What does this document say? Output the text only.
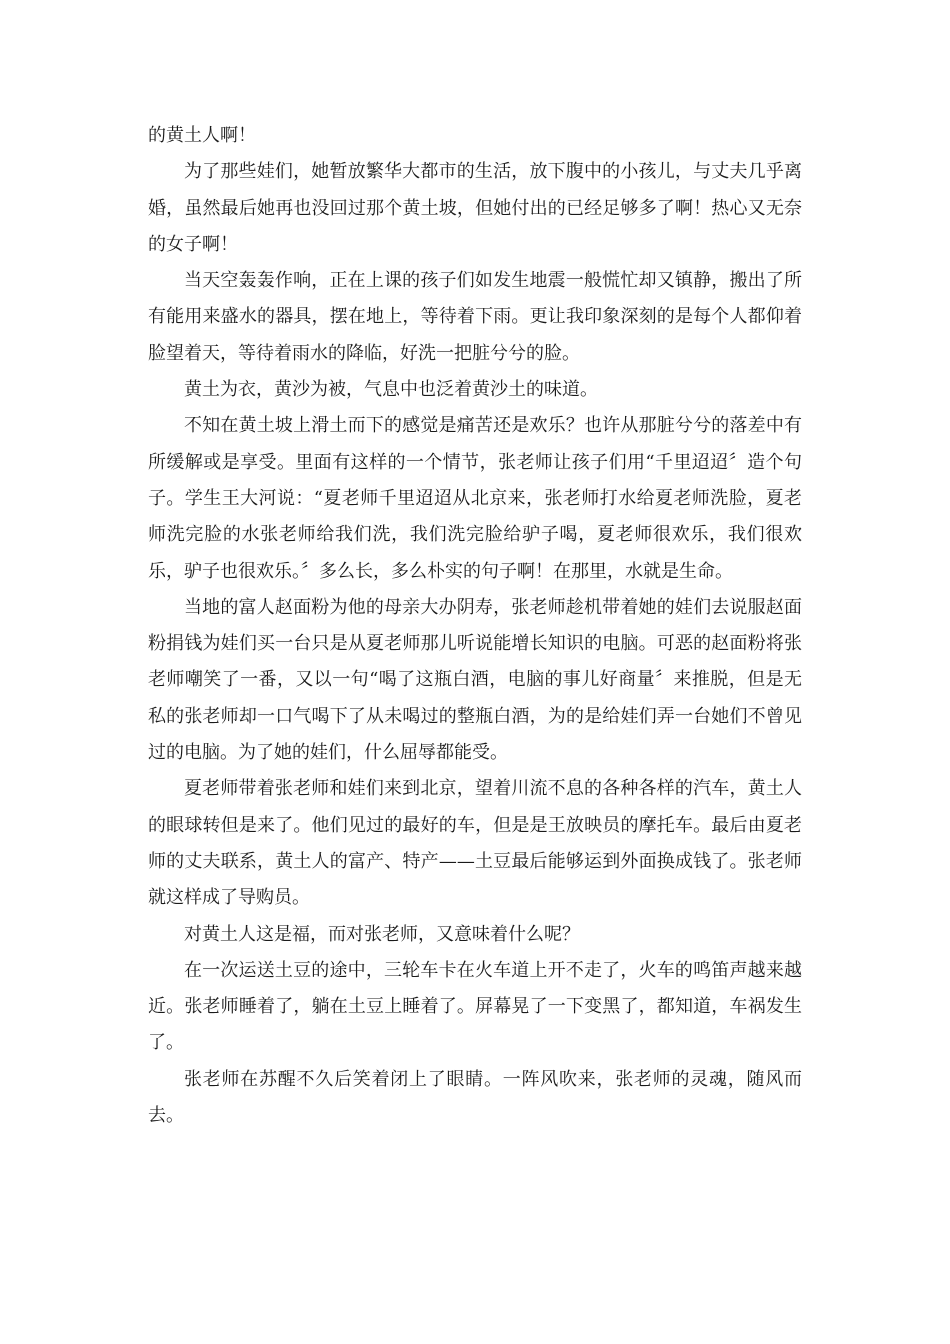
的黄土人啊！

为了那些娃们，她暂放繁华大都市的生活，放下腹中的小孩儿，与丈夫几乎离婚，虽然最后她再也没回过那个黄土坡，但她付出的已经足够多了啊！热心又无奈的女子啊！

当天空轰轰作响，正在上课的孩子们如发生地震一般慌忙却又镇静，搬出了所有能用来盛水的器具，摆在地上，等待着下雨。更让我印象深刻的是每个人都仰着脸望着天，等待着雨水的降临，好洗一把脏兮兮的脸。

黄土为衣，黄沙为被，气息中也泛着黄沙土的味道。

不知在黄土坡上滑土而下的感觉是痛苦还是欢乐？也许从那脏兮兮的落差中有所缓解或是享受。里面有这样的一个情节，张老师让孩子们用“千里迢迢〞造个句子。学生王大河说：“夏老师千里迢迢从北京来，张老师打水给夏老师洗脸，夏老师洗完脸的水张老师给我们洗，我们洗完脸给驴子喝，夏老师很欢乐，我们很欢乐，驴子也很欢乐。〞多么长，多么朴实的句子啊！在那里，水就是生命。

当地的富人赵面粉为他的母亲大办阴寿，张老师趁机带着她的娃们去说服赵面粉捐钱为娃们买一台只是从夏老师那儿听说能增长知识的电脑。可恶的赵面粉将张老师嘲笑了一番，又以一句“喝了这瓶白酒，电脑的事儿好商量〞来推脱，但是无私的张老师却一口气喝下了从未喝过的整瓶白酒，为的是给娃们弄一台她们不曾见过的电脑。为了她的娃们，什么屈辱都能受。

夏老师带着张老师和娃们来到北京，望着川流不息的各种各样的汽车，黄土人的眼球转但是来了。他们见过的最好的车，但是是王放映员的摩托车。最后由夏老师的丈夫联系，黄土人的富产、特产——土豆最后能够运到外面换成钱了。张老师就这样成了导购员。

对黄土人这是福，而对张老师，又意味着什么呢？

在一次运送土豆的途中，三轮车卡在火车道上开不走了，火车的鸣笛声越来越近。张老师睡着了，躺在土豆上睡着了。屏幕晃了一下变黑了，都知道，车祸发生了。

张老师在苏醒不久后笑着闭上了眼睛。一阵风吹来，张老师的灵魂，随风而去。
